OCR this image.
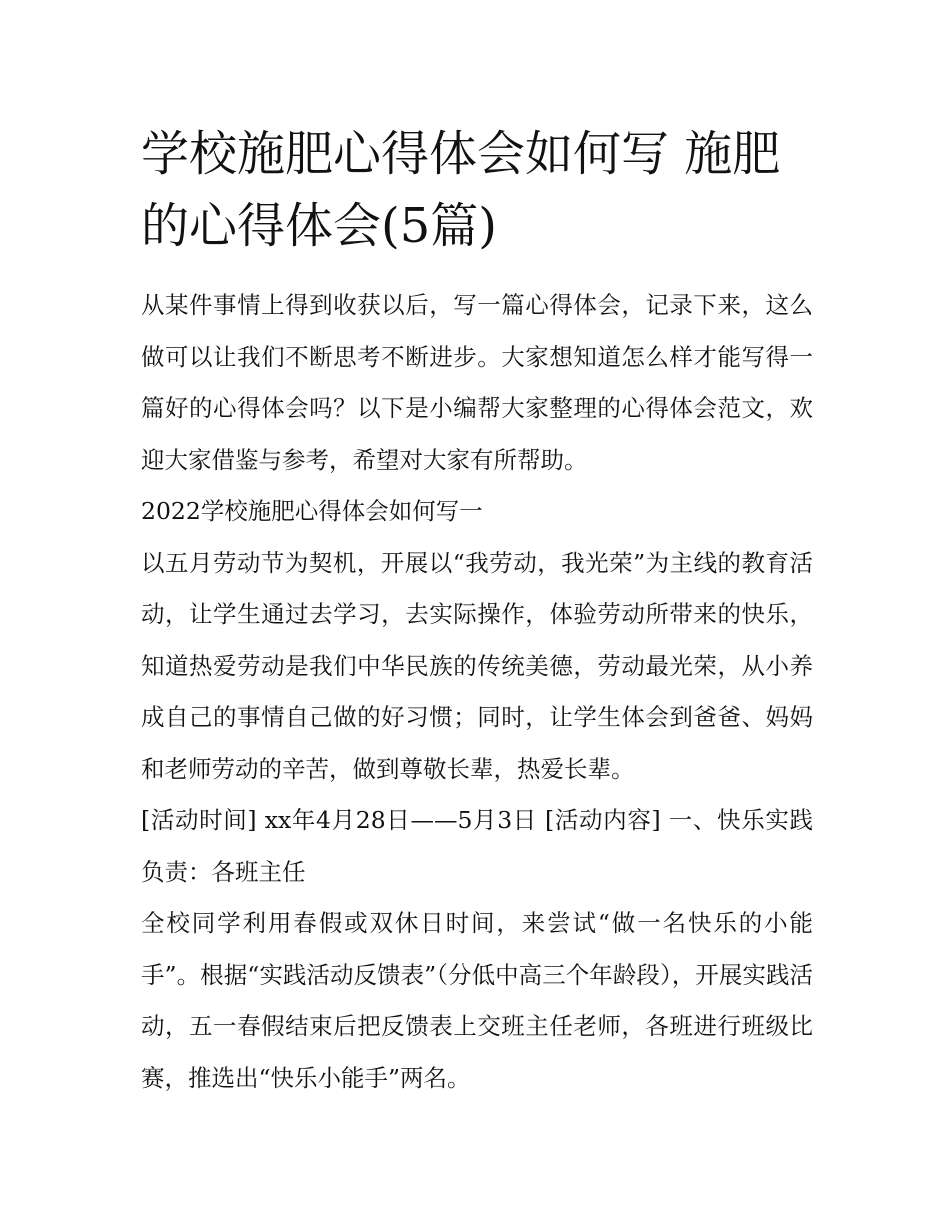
学校施肥心得体会如何写 施肥的心得体会(5篇)

从某件事情上得到收获以后，写一篇心得体会，记录下来，这么做可以让我们不断思考不断进步。大家想知道怎么样才能写得一篇好的心得体会吗？以下是小编帮大家整理的心得体会范文，欢迎大家借鉴与参考，希望对大家有所帮助。

2022学校施肥心得体会如何写一

以五月劳动节为契机，开展以“我劳动，我光荣”为主线的教育活动，让学生通过去学习，去实际操作，体验劳动所带来的快乐，知道热爱劳动是我们中华民族的传统美德，劳动最光荣，从小养成自己的事情自己做的好习惯；同时，让学生体会到爸爸、妈妈和老师劳动的辛苦，做到尊敬长辈，热爱长辈。

[活动时间] xx年4月28日——5月3日 [活动内容] 一、快乐实践负责：各班主任

全校同学利用春假或双休日时间，来尝试“做一名快乐的小能手”。根据“实践活动反馈表”（分低中高三个年龄段），开展实践活动，五一春假结束后把反馈表上交班主任老师，各班进行班级比赛，推选出“快乐小能手”两名。
